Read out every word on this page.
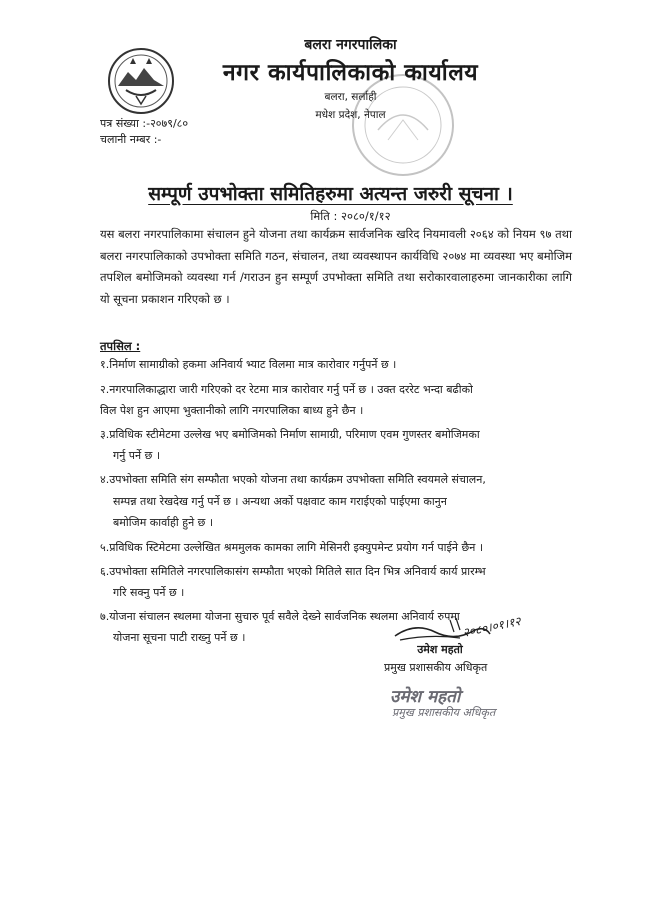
बलरा नगरपालिका
नगर कार्यपालिकाको कार्यालय
बलरा, सर्लाही
मधेश प्रदेश, नेपाल
पत्र संख्या :-२०७९/८०
चलानी नम्बर :-
सम्पूर्ण उपभोक्ता समितिहरुमा अत्यन्त जरुरी सूचना ।
मिति : २०८०/१/१२
यस बलरा नगरपालिकामा संचालन हुने योजना तथा कार्यक्रम सार्वजनिक खरिद नियमावली २०६४ को नियम ९७ तथा बलरा नगरपालिकाको उपभोक्ता समिति गठन, संचालन, तथा व्यवस्थापन कार्यविधि २०७४ मा व्यवस्था भए बमोजिम तपशिल बमोजिमको व्यवस्था गर्न /गराउन हुन सम्पूर्ण उपभोक्ता समिति तथा सरोकारवालाहरुमा जानकारीका लागि यो सूचना प्रकाशन गरिएको छ ।
तपसिल :
१.निर्माण सामाग्रीको हकमा अनिवार्य भ्याट विलमा मात्र कारोवार गर्नुपर्ने छ ।
२.नगरपालिकाद्धारा जारी गरिएको दर रेटमा मात्र कारोवार गर्नु पर्ने छ । उक्त दररेट भन्दा बढीको
विल पेश हुन आएमा भुक्तानीको लागि नगरपालिका बाध्य हुने छैन ।
३.प्रविधिक स्टीमेटमा उल्लेख भए बमोजिमको निर्माण सामाग्री, परिमाण एवम गुणस्तर बमोजिमका
गर्नु पर्ने छ ।
४.उपभोक्ता समिति संग सम्फौता भएको योजना तथा कार्यक्रम उपभोक्ता समिति स्वयमले संचालन,
सम्पन्न तथा रेखदेख गर्नु पर्ने छ । अन्यथा अर्को पक्षवाट काम गराईएको पाईएमा कानुन
बमोजिम कार्वाही हुने छ ।
५.प्रविधिक स्टिमेटमा उल्लेखित श्रममुलक कामका लागि मेसिनरी इक्युपमेन्ट प्रयोग गर्न पाईने छैन ।
६.उपभोक्ता समितिले नगरपालिकासंग सम्फौता भएको मितिले सात दिन भित्र अनिवार्य कार्य प्रारम्भ
गरि सक्नु पर्ने छ ।
७.योजना संचालन स्थलमा योजना सुचारु पूर्व सवैले देख्ने सार्वजनिक स्थलमा अनिवार्य रुपमा
योजना सूचना पाटी राख्नु पर्ने छ ।	२०८०।०१।१२
उमेश महतो
प्रमुख प्रशासकीय अधिकृत
उमेश महतो
प्रमुख प्रशासकीय अधिकृत
